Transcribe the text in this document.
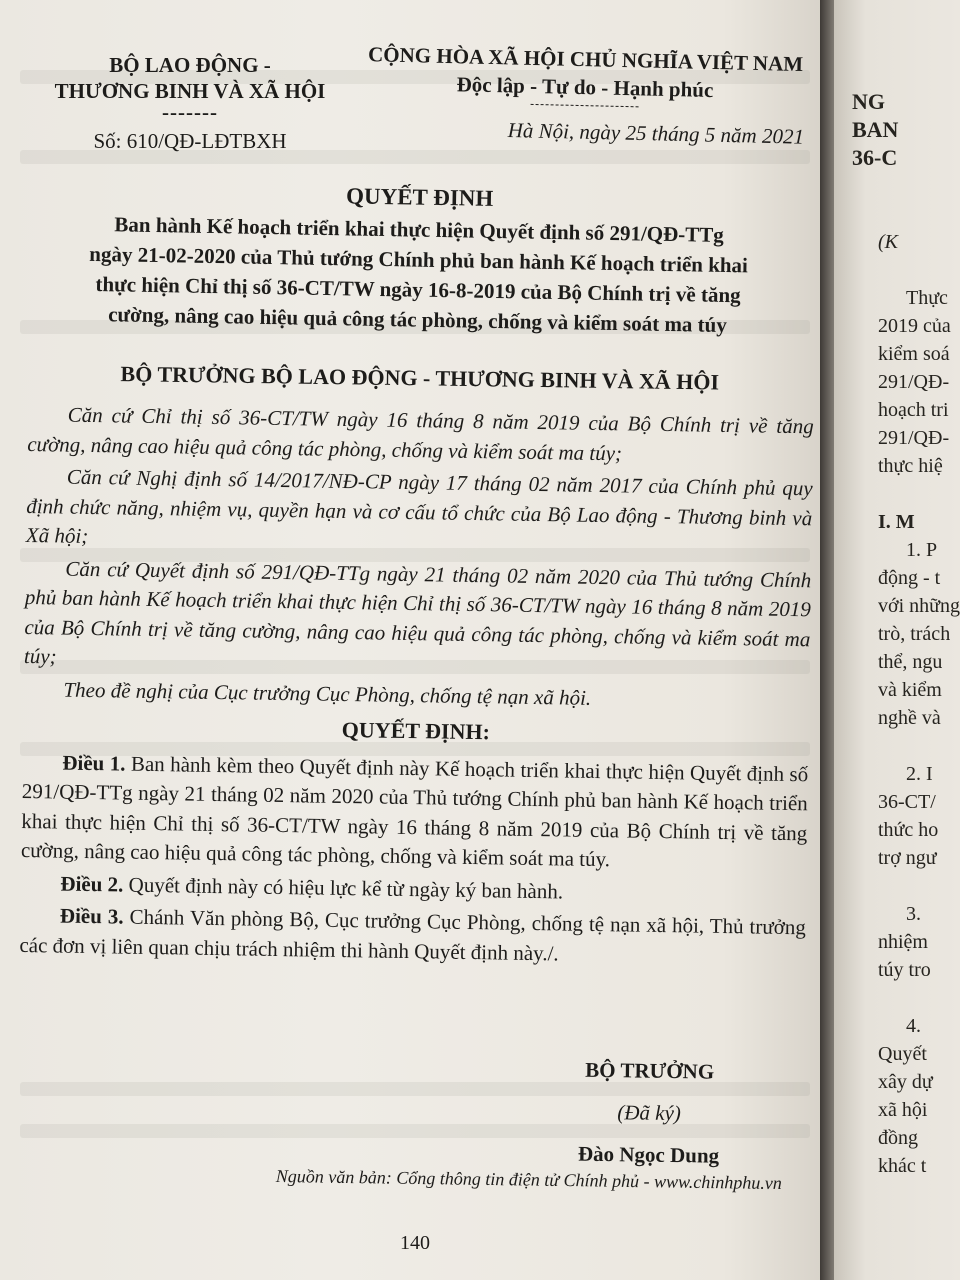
BỘ LAO ĐỘNG -
THƯƠNG BINH VÀ XÃ HỘI
-------
Số: 610/QĐ-LĐTBXH
CỘNG HÒA XÃ HỘI CHỦ NGHĨA VIỆT NAM
Độc lập - Tự do - Hạnh phúc
Hà Nội, ngày 25 tháng 5 năm 2021
QUYẾT ĐỊNH
Ban hành Kế hoạch triển khai thực hiện Quyết định số 291/QĐ-TTg
ngày 21-02-2020 của Thủ tướng Chính phủ ban hành Kế hoạch triển khai
thực hiện Chỉ thị số 36-CT/TW ngày 16-8-2019 của Bộ Chính trị về tăng
cường, nâng cao hiệu quả công tác phòng, chống và kiểm soát ma túy
BỘ TRƯỞNG BỘ LAO ĐỘNG - THƯƠNG BINH VÀ XÃ HỘI

Căn cứ Chỉ thị số 36-CT/TW ngày 16 tháng 8 năm 2019 của Bộ Chính trị về tăng cường, nâng cao hiệu quả công tác phòng, chống và kiểm soát ma túy;

Căn cứ Nghị định số 14/2017/NĐ-CP ngày 17 tháng 02 năm 2017 của Chính phủ quy định chức năng, nhiệm vụ, quyền hạn và cơ cấu tổ chức của Bộ Lao động - Thương binh và Xã hội;

Căn cứ Quyết định số 291/QĐ-TTg ngày 21 tháng 02 năm 2020 của Thủ tướng Chính phủ ban hành Kế hoạch triển khai thực hiện Chỉ thị số 36-CT/TW ngày 16 tháng 8 năm 2019 của Bộ Chính trị về tăng cường, nâng cao hiệu quả công tác phòng, chống và kiểm soát ma túy;

Theo đề nghị của Cục trưởng Cục Phòng, chống tệ nạn xã hội.

QUYẾT ĐỊNH:

Điều 1. Ban hành kèm theo Quyết định này Kế hoạch triển khai thực hiện Quyết định số 291/QĐ-TTg ngày 21 tháng 02 năm 2020 của Thủ tướng Chính phủ ban hành Kế hoạch triển khai thực hiện Chỉ thị số 36-CT/TW ngày 16 tháng 8 năm 2019 của Bộ Chính trị về tăng cường, nâng cao hiệu quả công tác phòng, chống và kiểm soát ma túy.

Điều 2. Quyết định này có hiệu lực kể từ ngày ký ban hành.

Điều 3. Chánh Văn phòng Bộ, Cục trưởng Cục Phòng, chống tệ nạn xã hội, Thủ trưởng các đơn vị liên quan chịu trách nhiệm thi hành Quyết định này./.

BỘ TRƯỞNG
(Đã ký)
Đào Ngọc Dung
Nguồn văn bản: Cổng thông tin điện tử Chính phủ - www.chinhphu.vn
140
NG
BAN
36-C
(K
Thực
2019 của
kiểm soá
291/QĐ-
hoạch tri
291/QĐ-
thực hiệ
I. M
1. P
động - t
với những
trò, trách
thể, ngu
và kiểm
nghề và
2. I
36-CT/
thức ho
trợ ngư
3.
nhiệm
túy tro
4.
Quyết
xây dự
xã hội
đồng
khác t
